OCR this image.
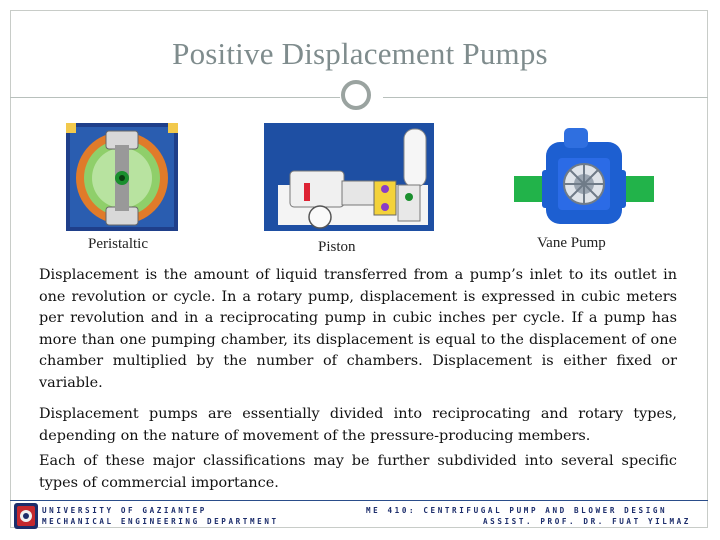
Positive Displacement Pumps
Peristaltic	Piston	Vane Pump
Displacement is the amount of liquid transferred from a pump’s inlet to its outlet in one revolution or cycle. In a rotary pump, displacement is expressed in cubic meters per revolution and in a reciprocating pump in cubic inches per cycle. If a pump has more than one pumping chamber, its displacement is equal to the displacement of one chamber multiplied by the number of chambers. Displacement is either fixed or variable.
Displacement pumps are essentially divided into reciprocating and rotary types, depending on the nature of movement of the pressure-producing members.
Each of these major classifications may be further subdivided into several specific types of commercial importance.
UNIVERSITY OF GAZIANTEP
MECHANICAL ENGINEERING DEPARTMENT
ME 410: CENTRIFUGAL PUMP AND BLOWER DESIGN
ASSIST. PROF. DR. FUAT YILMAZ
